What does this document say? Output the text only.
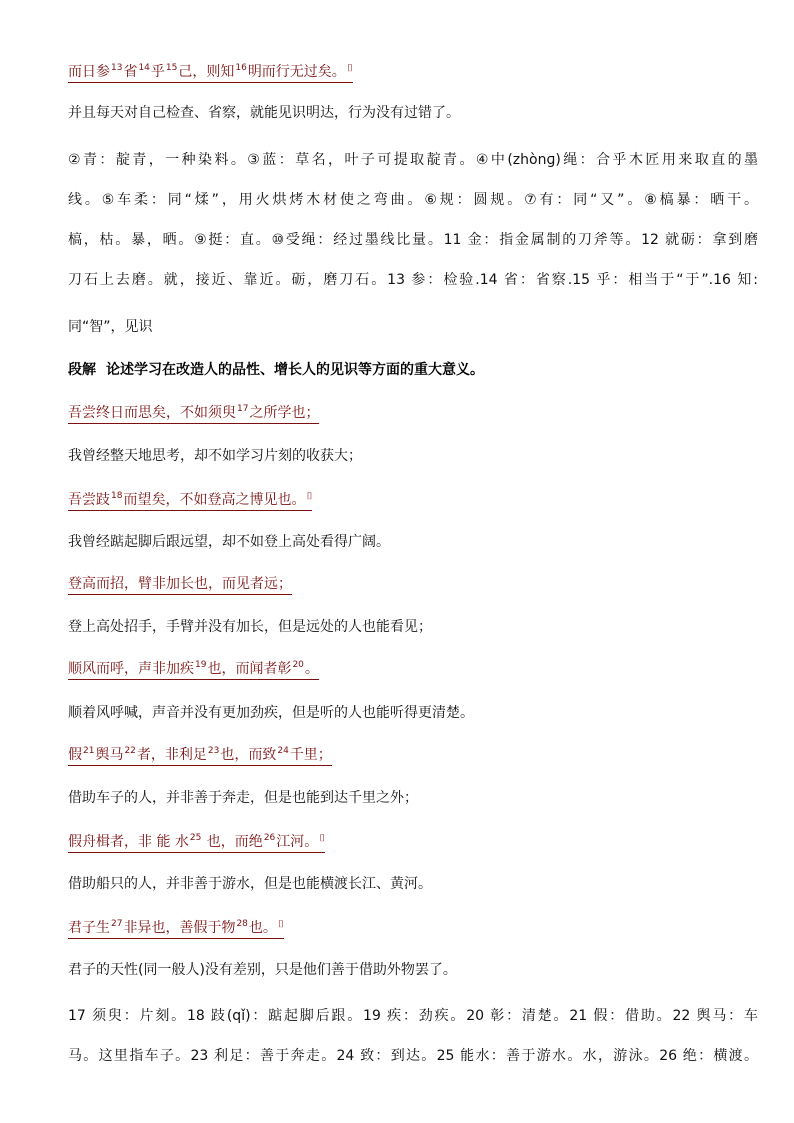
而日参$^{13}$省$^{14}$乎$^{15}$己，则知$^{16}$明而行无过矣。⌷
并且每天对自己检查、省察，就能见识明达，行为没有过错了。
②青：靛青，一种染料。③蓝：草名，叶子可提取靛青。④中(zhònɡ)绳：合乎木匠用来取直的墨
线。⑤车柔：同“煣”，用火烘烤木材使之弯曲。⑥规：圆规。⑦有：同“又”。⑧槁暴：晒干。
槁，枯。暴，晒。⑨挺：直。⑩受绳：经过墨线比量。11 金：指金属制的刀斧等。12 就砺：拿到磨
刀石上去磨。就，接近、靠近。砺，磨刀石。13 参：检验.14 省：省察.15 乎：相当于“于”.16 知:
同“智”，见识
段解 论述学习在改造人的品性、增长人的见识等方面的重大意义。
吾尝终日而思矣，不如须臾$^{17}$之所学也；
我曾经整天地思考，却不如学习片刻的收获大；
吾尝跂$^{18}$而望矣，不如登高之博见也。⌷
我曾经踮起脚后跟远望，却不如登上高处看得广阔。
登高而招，臂非加长也，而见者远；
登上高处招手，手臂并没有加长，但是远处的人也能看见；
顺风而呼，声非加疾$^{19}$也，而闻者彰$^{20}$。
顺着风呼喊，声音并没有更加劲疾，但是听的人也能听得更清楚。
假$^{21}$舆马$^{22}$者，非利足$^{23}$也，而致$^{24}$千里；
借助车子的人，并非善于奔走，但是也能到达千里之外；
假舟楫者，非 能 水$^{25}$ 也，而绝$^{26}$江河。⌷
借助船只的人，并非善于游水，但是也能横渡长江、黄河。
君子生$^{27}$非异也，善假于物$^{28}$也。⌷
君子的天性(同一般人)没有差别，只是他们善于借助外物罢了。
17 须臾：片刻。18 跂(qǐ)：踮起脚后跟。19 疾：劲疾。20 彰：清楚。21 假：借助。22 舆马：车
马。这里指车子。23 利足：善于奔走。24 致：到达。25 能水：善于游水。水，游泳。26 绝：横渡。
